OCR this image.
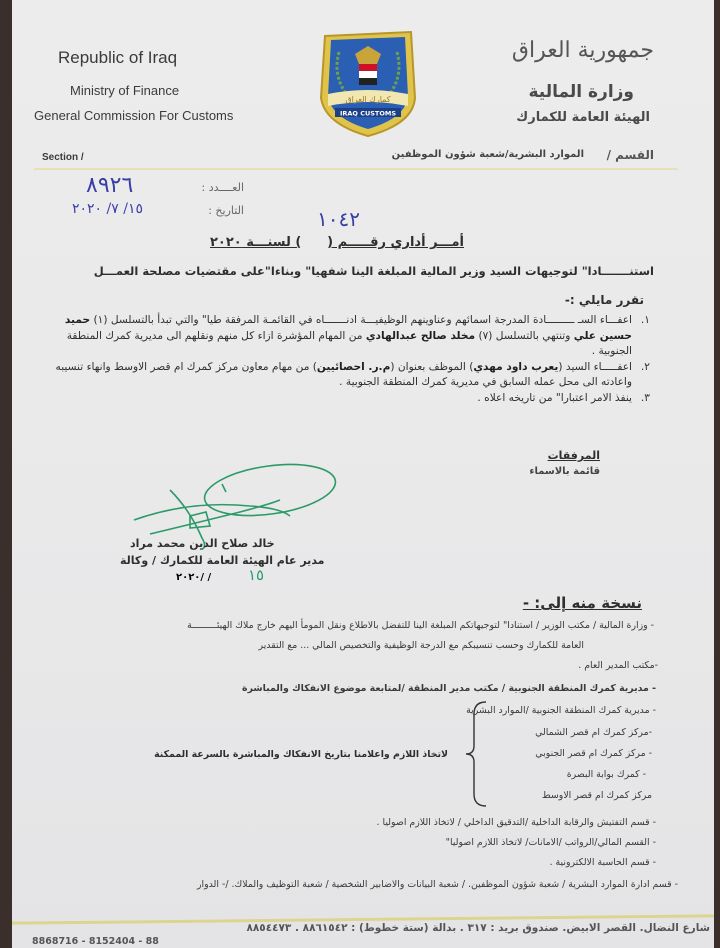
Republic of Iraq
Ministry of Finance
General Commission For Customs
Section /
كمارك العراق
IRAQ CUSTOMS
جمهورية العراق
وزارة المالية
الهيئة العامة للكمارك
القسم /
الموارد البشرية/شعبة شؤون الموظفين
العــــدد :
٨٩٢٦
التاريخ :
١٥/ ٧/ ٢٠٢٠
أمـــر أداري رقـــــم (
١٠٤٢
) لسنـــة ٢٠٢٠
استنـــــــادا" لتوجيهات السيد وزير المالية المبلغة الينا شفهيا" وبناءا"على مقتضيات مصلحة العمـــل
تقرر مايلي :-
١.
اعفـــاء السـ ـــــــــادة المدرجة اسمائهم وعناوينهم الوظيفيـــة ادنـــــــاه في القائمـة المرفقة طيا" والتي تبدأ بالتسلسل (١) حميد حسين علي وتنتهي بالتسلسل (٧) مخلد صالح عبدالهادي من المهام المؤشرة ازاء كل منهم ونقلهم الى مديرية كمرك المنطقة الجنوبية .
٢.
اعفـــــاء السيد (يعرب داود مهدي) الموظف بعنوان (م.ر. احصائيين) من مهام معاون مركز كمرك ام قصر الاوسط وانهاء تنسيبه واعادته الى محل عمله السابق في مديرية كمرك المنطقة الجنوبية .
٣.
ينفذ الامر اعتبارا" من تاريخه اعلاه .
المرفقات
قائمة بالاسماء
خالد صلاح الدين محمد مراد
مدير عام الهيئة العامة للكمارك / وكالة
٢٠٢٠/ / ١٥
نسخة منه إلى: -
- وزارة المالية / مكتب الوزير / استنادا" لتوجيهاتكم المبلغة الينا للتفضل بالاطلاع ونقل المومأ اليهم خارج ملاك الهيئـــــــــة
العامة للكمارك وحسب تنسيبكم مع الدرجة الوظيفية والتخصيص المالي ... مع التقدير
-مكتب المدير العام .
- مديرية كمرك المنطقة الجنوبية / مكتب مدير المنطقة /لمتابعة موضوع الانفكاك والمباشرة
- مديرية كمرك المنطقة الجنوبية /الموارد البشرية
-مركز كمرك ام قصر الشمالي
- مركز كمرك ام قصر الجنوبي
- كمرك بوابة البصرة
مركز كمرك ام قصر الاوسط
- قسم التفتيش والرقابة الداخلية /التدقيق الداخلي / لاتخاذ اللازم اصوليا .
- القسم المالي/الرواتب /الامانات/ لاتخاذ اللازم اصوليا"
- قسم الحاسبة الالكترونية .
- قسم ادارة الموارد البشرية / شعبة شؤون الموظفين. / شعبة البيانات والاضابير الشخصية / شعبة التوظيف والملاك. /- الدوار
لاتخاذ اللازم واعلامنا بتاريخ الانفكاك والمباشرة بالسرعة الممكنة
شارع النضال. القصر الابيض. صندوق بريد : ٣١٧ . بدالة (ستة خطوط) : ٨٨٦١٥٤٢ . ٨٨٥٤٤٧٣
8868716 - 8152404 - 88
